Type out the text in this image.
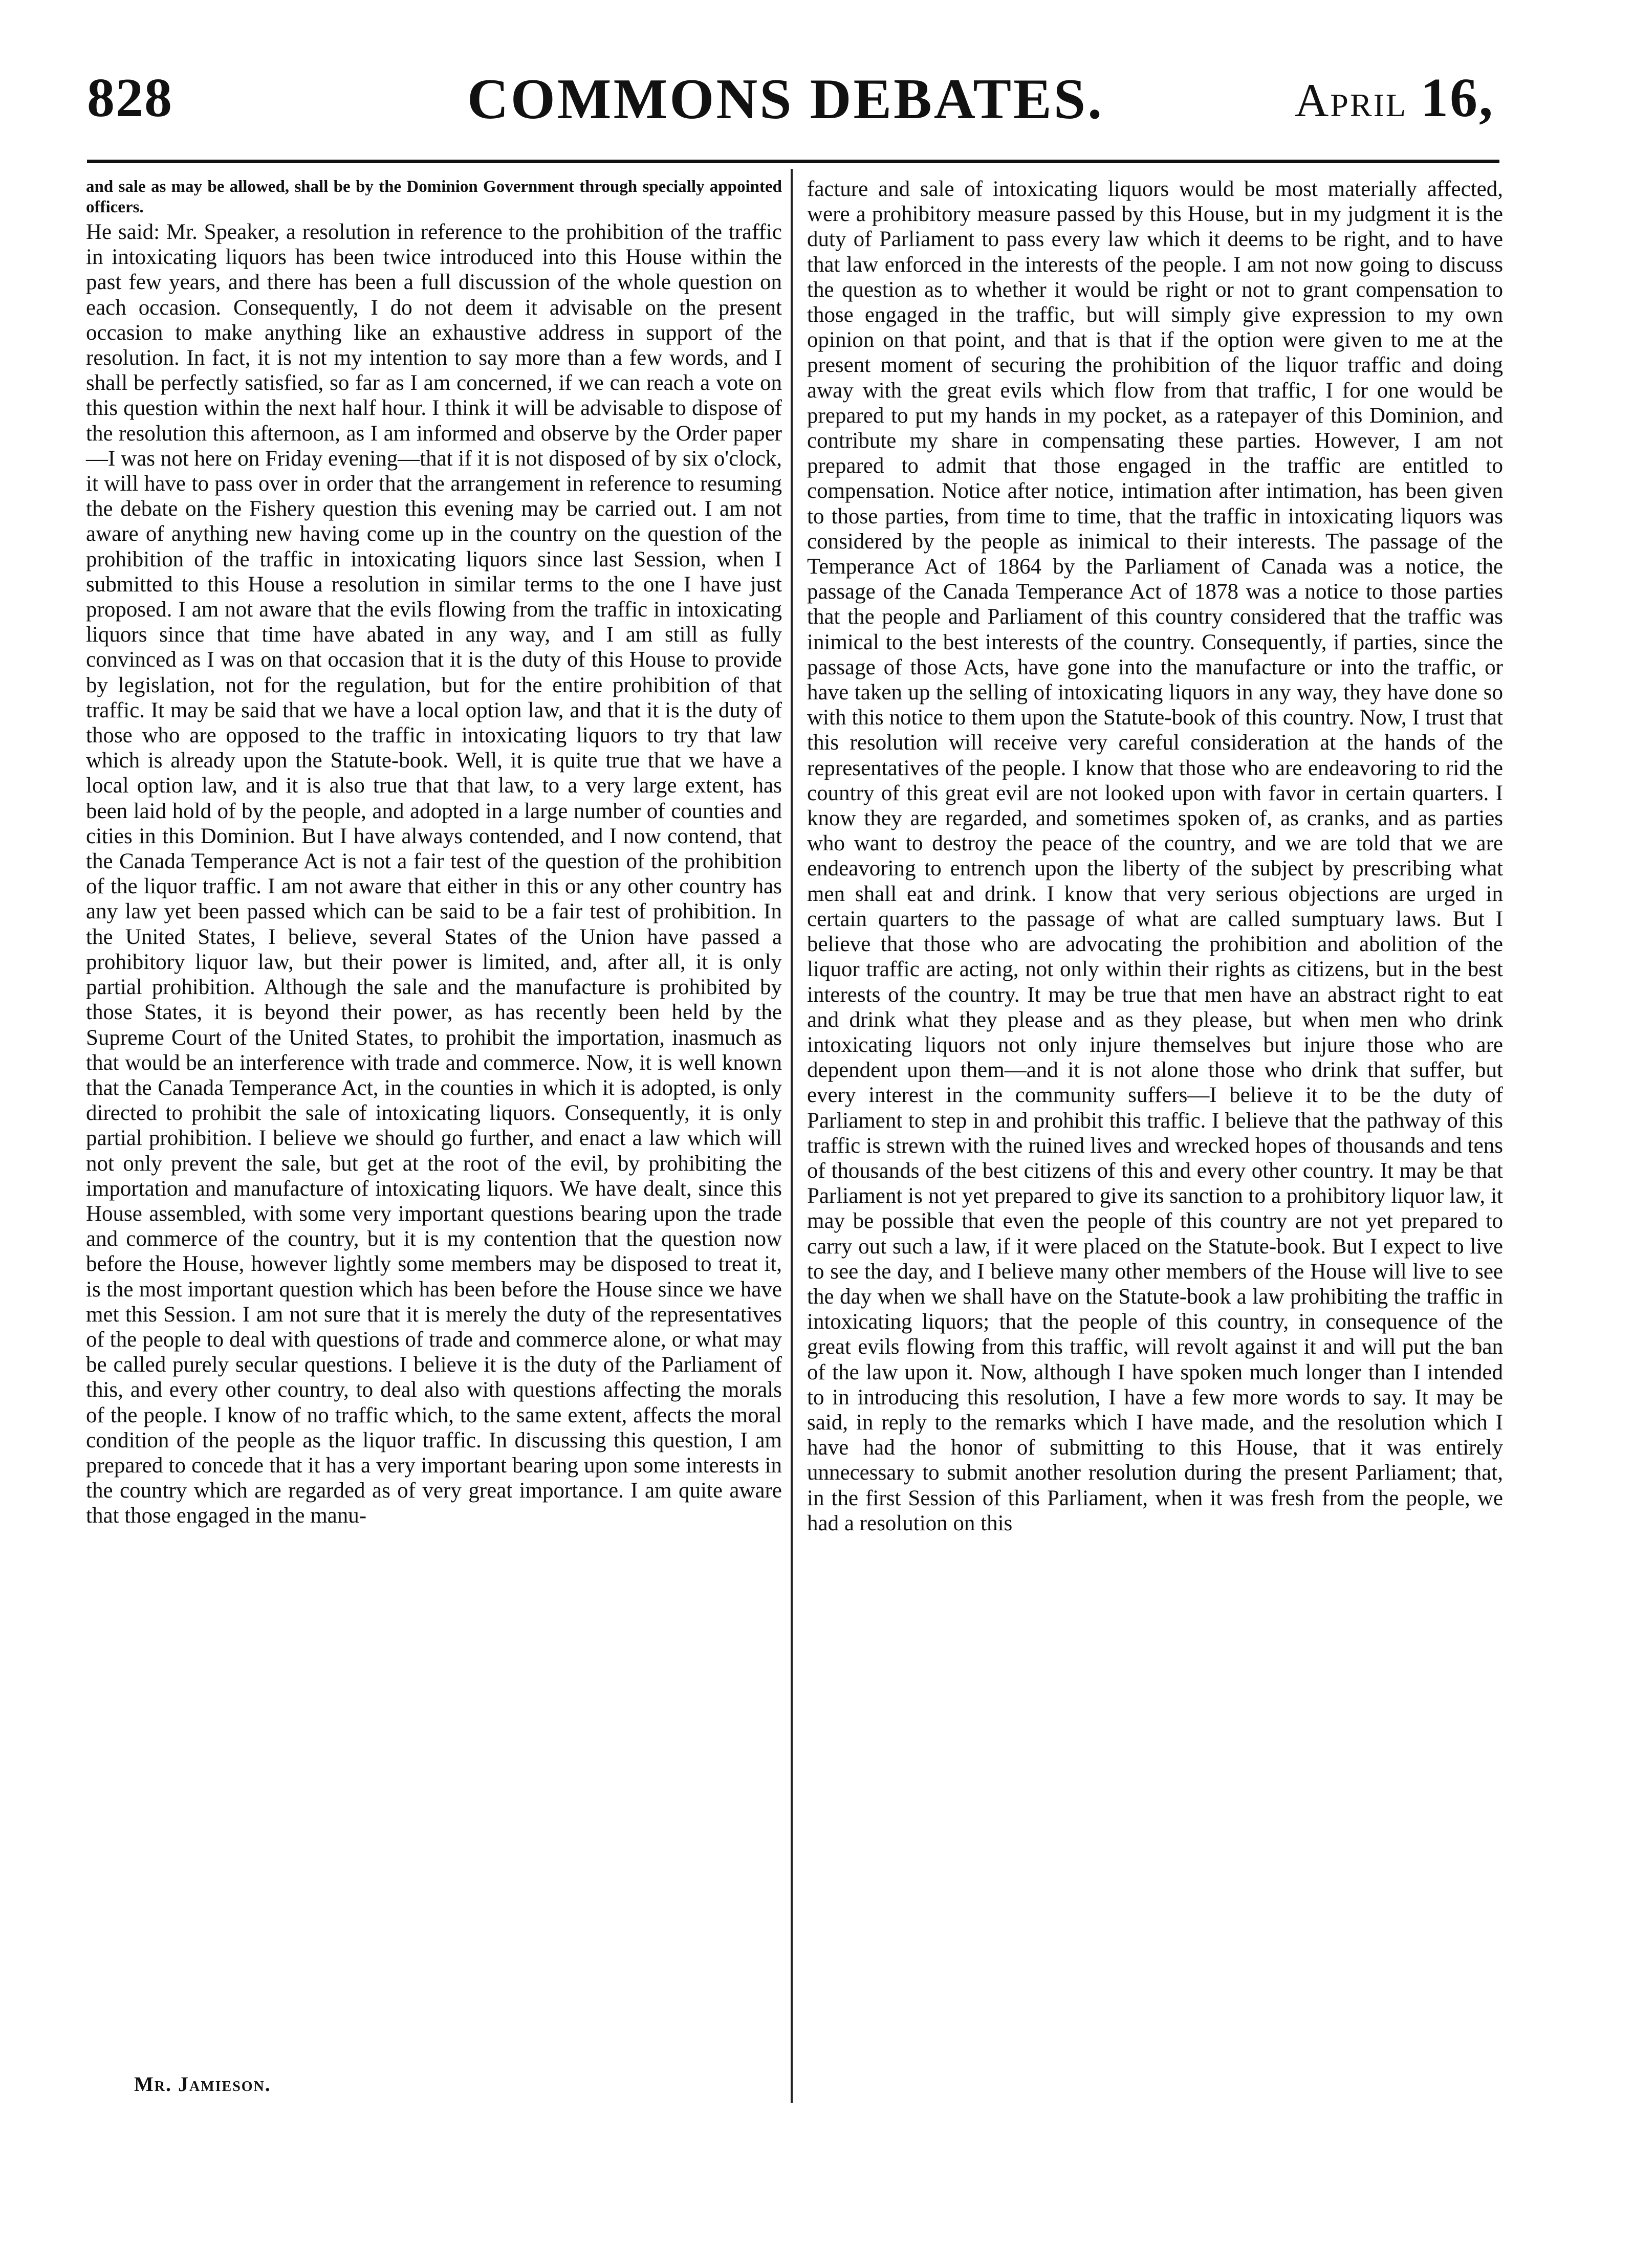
828	COMMONS DEBATES.	April 16,

and sale as may be allowed, shall be by the Dominion Government through specially appointed officers.

He said: Mr. Speaker, a resolution in reference to the prohibition of the traffic in intoxicating liquors has been twice introduced into this House within the past few years, and there has been a full discussion of the whole question on each occasion. Consequently, I do not deem it advisable on the present occasion to make anything like an exhaustive address in support of the resolution. In fact, it is not my intention to say more than a few words, and I shall be perfectly satisfied, so far as I am concerned, if we can reach a vote on this question within the next half hour. I think it will be advisable to dispose of the resolution this afternoon, as I am informed and observe by the Order paper—I was not here on Friday evening—that if it is not disposed of by six o'clock, it will have to pass over in order that the arrangement in reference to resuming the debate on the Fishery question this evening may be carried out. I am not aware of anything new having come up in the country on the question of the prohibition of the traffic in intoxicating liquors since last Session, when I submitted to this House a resolution in similar terms to the one I have just proposed. I am not aware that the evils flowing from the traffic in intoxicating liquors since that time have abated in any way, and I am still as fully convinced as I was on that occasion that it is the duty of this House to provide by legislation, not for the regulation, but for the entire prohibition of that traffic. It may be said that we have a local option law, and that it is the duty of those who are opposed to the traffic in intoxicating liquors to try that law which is already upon the Statute-book. Well, it is quite true that we have a local option law, and it is also true that that law, to a very large extent, has been laid hold of by the people, and adopted in a large number of counties and cities in this Dominion. But I have always contended, and I now contend, that the Canada Temperance Act is not a fair test of the question of the prohibition of the liquor traffic. I am not aware that either in this or any other country has any law yet been passed which can be said to be a fair test of prohibition. In the United States, I believe, several States of the Union have passed a prohibitory liquor law, but their power is limited, and, after all, it is only partial prohibition. Although the sale and the manufacture is prohibited by those States, it is beyond their power, as has recently been held by the Supreme Court of the United States, to prohibit the importation, inasmuch as that would be an interference with trade and commerce. Now, it is well known that the Canada Temperance Act, in the counties in which it is adopted, is only directed to prohibit the sale of intoxicating liquors. Consequently, it is only partial prohibition. I believe we should go further, and enact a law which will not only prevent the sale, but get at the root of the evil, by prohibiting the importation and manufacture of intoxicating liquors. We have dealt, since this House assembled, with some very important questions bearing upon the trade and commerce of the country, but it is my contention that the question now before the House, however lightly some members may be disposed to treat it, is the most important question which has been before the House since we have met this Session. I am not sure that it is merely the duty of the representatives of the people to deal with questions of trade and commerce alone, or what may be called purely secular questions. I believe it is the duty of the Parliament of this, and every other country, to deal also with questions affecting the morals of the people. I know of no traffic which, to the same extent, affects the moral condition of the people as the liquor traffic. In discussing this question, I am prepared to concede that it has a very important bearing upon some interests in the country which are regarded as of very great importance. I am quite aware that those engaged in the manu-

facture and sale of intoxicating liquors would be most materially affected, were a prohibitory measure passed by this House, but in my judgment it is the duty of Parliament to pass every law which it deems to be right, and to have that law enforced in the interests of the people. I am not now going to discuss the question as to whether it would be right or not to grant compensation to those engaged in the traffic, but will simply give expression to my own opinion on that point, and that is that if the option were given to me at the present moment of securing the prohibition of the liquor traffic and doing away with the great evils which flow from that traffic, I for one would be prepared to put my hands in my pocket, as a ratepayer of this Dominion, and contribute my share in compensating these parties. However, I am not prepared to admit that those engaged in the traffic are entitled to compensation. Notice after notice, intimation after intimation, has been given to those parties, from time to time, that the traffic in intoxicating liquors was considered by the people as inimical to their interests. The passage of the Temperance Act of 1864 by the Parliament of Canada was a notice, the passage of the Canada Temperance Act of 1878 was a notice to those parties that the people and Parliament of this country considered that the traffic was inimical to the best interests of the country. Consequently, if parties, since the passage of those Acts, have gone into the manufacture or into the traffic, or have taken up the selling of intoxicating liquors in any way, they have done so with this notice to them upon the Statute-book of this country. Now, I trust that this resolution will receive very careful consideration at the hands of the representatives of the people. I know that those who are endeavoring to rid the country of this great evil are not looked upon with favor in certain quarters. I know they are regarded, and sometimes spoken of, as cranks, and as parties who want to destroy the peace of the country, and we are told that we are endeavoring to entrench upon the liberty of the subject by prescribing what men shall eat and drink. I know that very serious objections are urged in certain quarters to the passage of what are called sumptuary laws. But I believe that those who are advocating the prohibition and abolition of the liquor traffic are acting, not only within their rights as citizens, but in the best interests of the country. It may be true that men have an abstract right to eat and drink what they please and as they please, but when men who drink intoxicating liquors not only injure themselves but injure those who are dependent upon them—and it is not alone those who drink that suffer, but every interest in the community suffers—I believe it to be the duty of Parliament to step in and prohibit this traffic. I believe that the pathway of this traffic is strewn with the ruined lives and wrecked hopes of thousands and tens of thousands of the best citizens of this and every other country. It may be that Parliament is not yet prepared to give its sanction to a prohibitory liquor law, it may be possible that even the people of this country are not yet prepared to carry out such a law, if it were placed on the Statute-book. But I expect to live to see the day, and I believe many other members of the House will live to see the day when we shall have on the Statute-book a law prohibiting the traffic in intoxicating liquors; that the people of this country, in consequence of the great evils flowing from this traffic, will revolt against it and will put the ban of the law upon it. Now, although I have spoken much longer than I intended to in introducing this resolution, I have a few more words to say. It may be said, in reply to the remarks which I have made, and the resolution which I have had the honor of submitting to this House, that it was entirely unnecessary to submit another resolution during the present Parliament; that, in the first Session of this Parliament, when it was fresh from the people, we had a resolution on this

Mr. Jamieson.
